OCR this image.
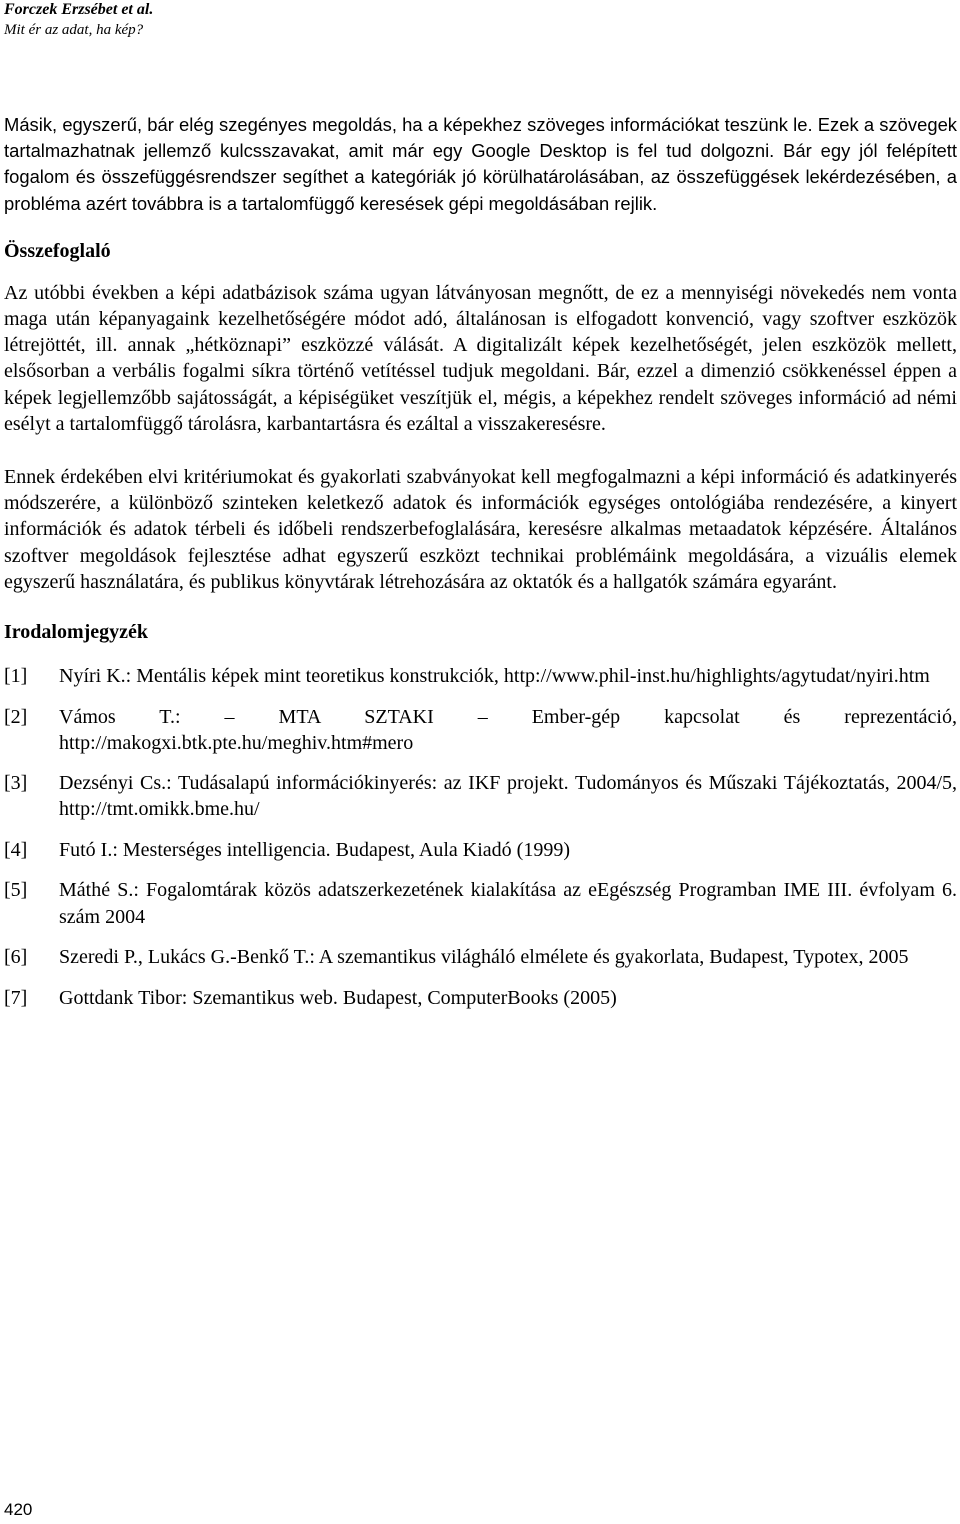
Forczek Erzsébet et al.
Mit ér az adat, ha kép?

Másik, egyszerű, bár elég szegényes megoldás, ha a képekhez szöveges információkat teszünk le. Ezek a szövegek tartalmazhatnak jellemző kulcsszavakat, amit már egy Google Desktop is fel tud dolgozni. Bár egy jól felépített fogalom és összefüggésrendszer segíthet a kategóriák jó körülhatárolásában, az összefüggések lekérdezésében, a probléma azért továbbra is a tartalomfüggő keresések gépi megoldásában rejlik.

Összefoglaló

Az utóbbi években a képi adatbázisok száma ugyan látványosan megnőtt, de ez a mennyiségi növekedés nem vonta maga után képanyagaink kezelhetőségére módot adó, általánosan is elfogadott konvenció, vagy szoftver eszközök létrejöttét, ill. annak „hétköznapi” eszközzé válását. A digitalizált képek kezelhetőségét, jelen eszközök mellett, elsősorban a verbális fogalmi síkra történő vetítéssel tudjuk megoldani. Bár, ezzel a dimenzió csökkenéssel éppen a képek legjellemzőbb sajátosságát, a képiségüket veszítjük el, mégis, a képekhez rendelt szöveges információ ad némi esélyt a tartalomfüggő tárolásra, karbantartásra és ezáltal a visszakeresésre.

Ennek érdekében elvi kritériumokat és gyakorlati szabványokat kell megfogalmazni a képi információ és adatkinyerés módszerére, a különböző szinteken keletkező adatok és információk egységes ontológiába rendezésére, a kinyert információk és adatok térbeli és időbeli rendszerbefoglalására, keresésre alkalmas metaadatok képzésére. Általános szoftver megoldások fejlesztése adhat egyszerű eszközt technikai problémáink megoldására, a vizuális elemek egyszerű használatára, és publikus könyvtárak létrehozására az oktatók és a hallgatók számára egyaránt.

Irodalomjegyzék
[1]	Nyíri K.: Mentális képek mint teoretikus konstrukciók, http://www.phil-inst.hu/highlights/agytudat/nyiri.htm
[2]	Vámos T.: – MTA SZTAKI – Ember-gép kapcsolat és reprezentáció, http://makogxi.btk.pte.hu/meghiv.htm#mero
[3]	Dezsényi Cs.: Tudásalapú információkinyerés: az IKF projekt. Tudományos és Műszaki Tájékoztatás, 2004/5, http://tmt.omikk.bme.hu/
[4]	Futó I.: Mesterséges intelligencia. Budapest, Aula Kiadó (1999)
[5]	Máthé S.: Fogalomtárak közös adatszerkezetének kialakítása az eEgészség Programban IME III. évfolyam 6. szám 2004
[6]	Szeredi P., Lukács G.-Benkő T.: A szemantikus világháló elmélete és gyakorlata, Budapest, Typotex, 2005
[7]	Gottdank Tibor: Szemantikus web. Budapest, ComputerBooks (2005)
420
